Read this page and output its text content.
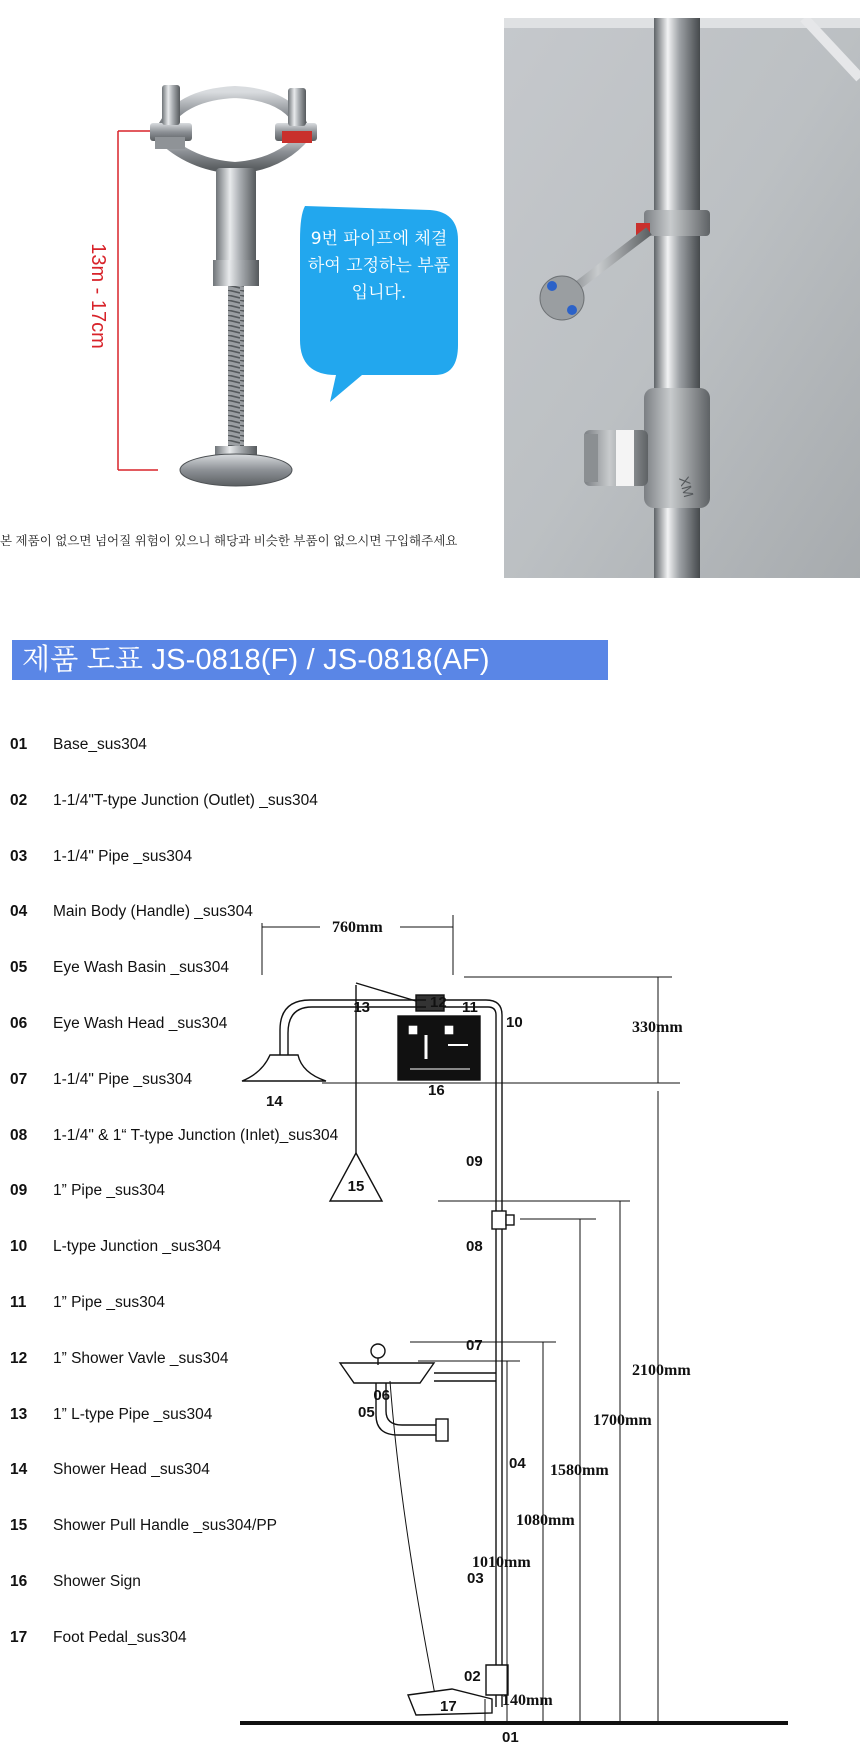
13m - 17cm
9번 파이프에 체결하여 고정하는 부품입니다.
본 제품이 없으면 넘어질 위험이 있으니 해당과 비슷한 부품이 없으시면 구입해주세요
XM
제품 도표 JS-0818(F) / JS-0818(AF)
01 Base_sus304
02 1-1/4"T-type Junction (Outlet) _sus304
03 1-1/4" Pipe _sus304
04 Main Body (Handle) _sus304
05 Eye Wash Basin _sus304
06 Eye Wash Head _sus304
07 1-1/4" Pipe _sus304
08 1-1/4" & 1“ T-type Junction (Inlet)_sus304
09 1” Pipe _sus304
10 L-type Junction _sus304
11 1” Pipe _sus304
12 1” Shower Vavle _sus304
13 1” L-type Pipe _sus304
14 Shower Head _sus304
15 Shower Pull Handle _sus304/PP
16 Shower Sign
17 Foot Pedal_sus304
760mm
330mm
2100mm
1700mm
1580mm
1080mm
1010mm
140mm
01
02
03
04
05
06
07
08
09
10
11
12
13
14
15
16
17
